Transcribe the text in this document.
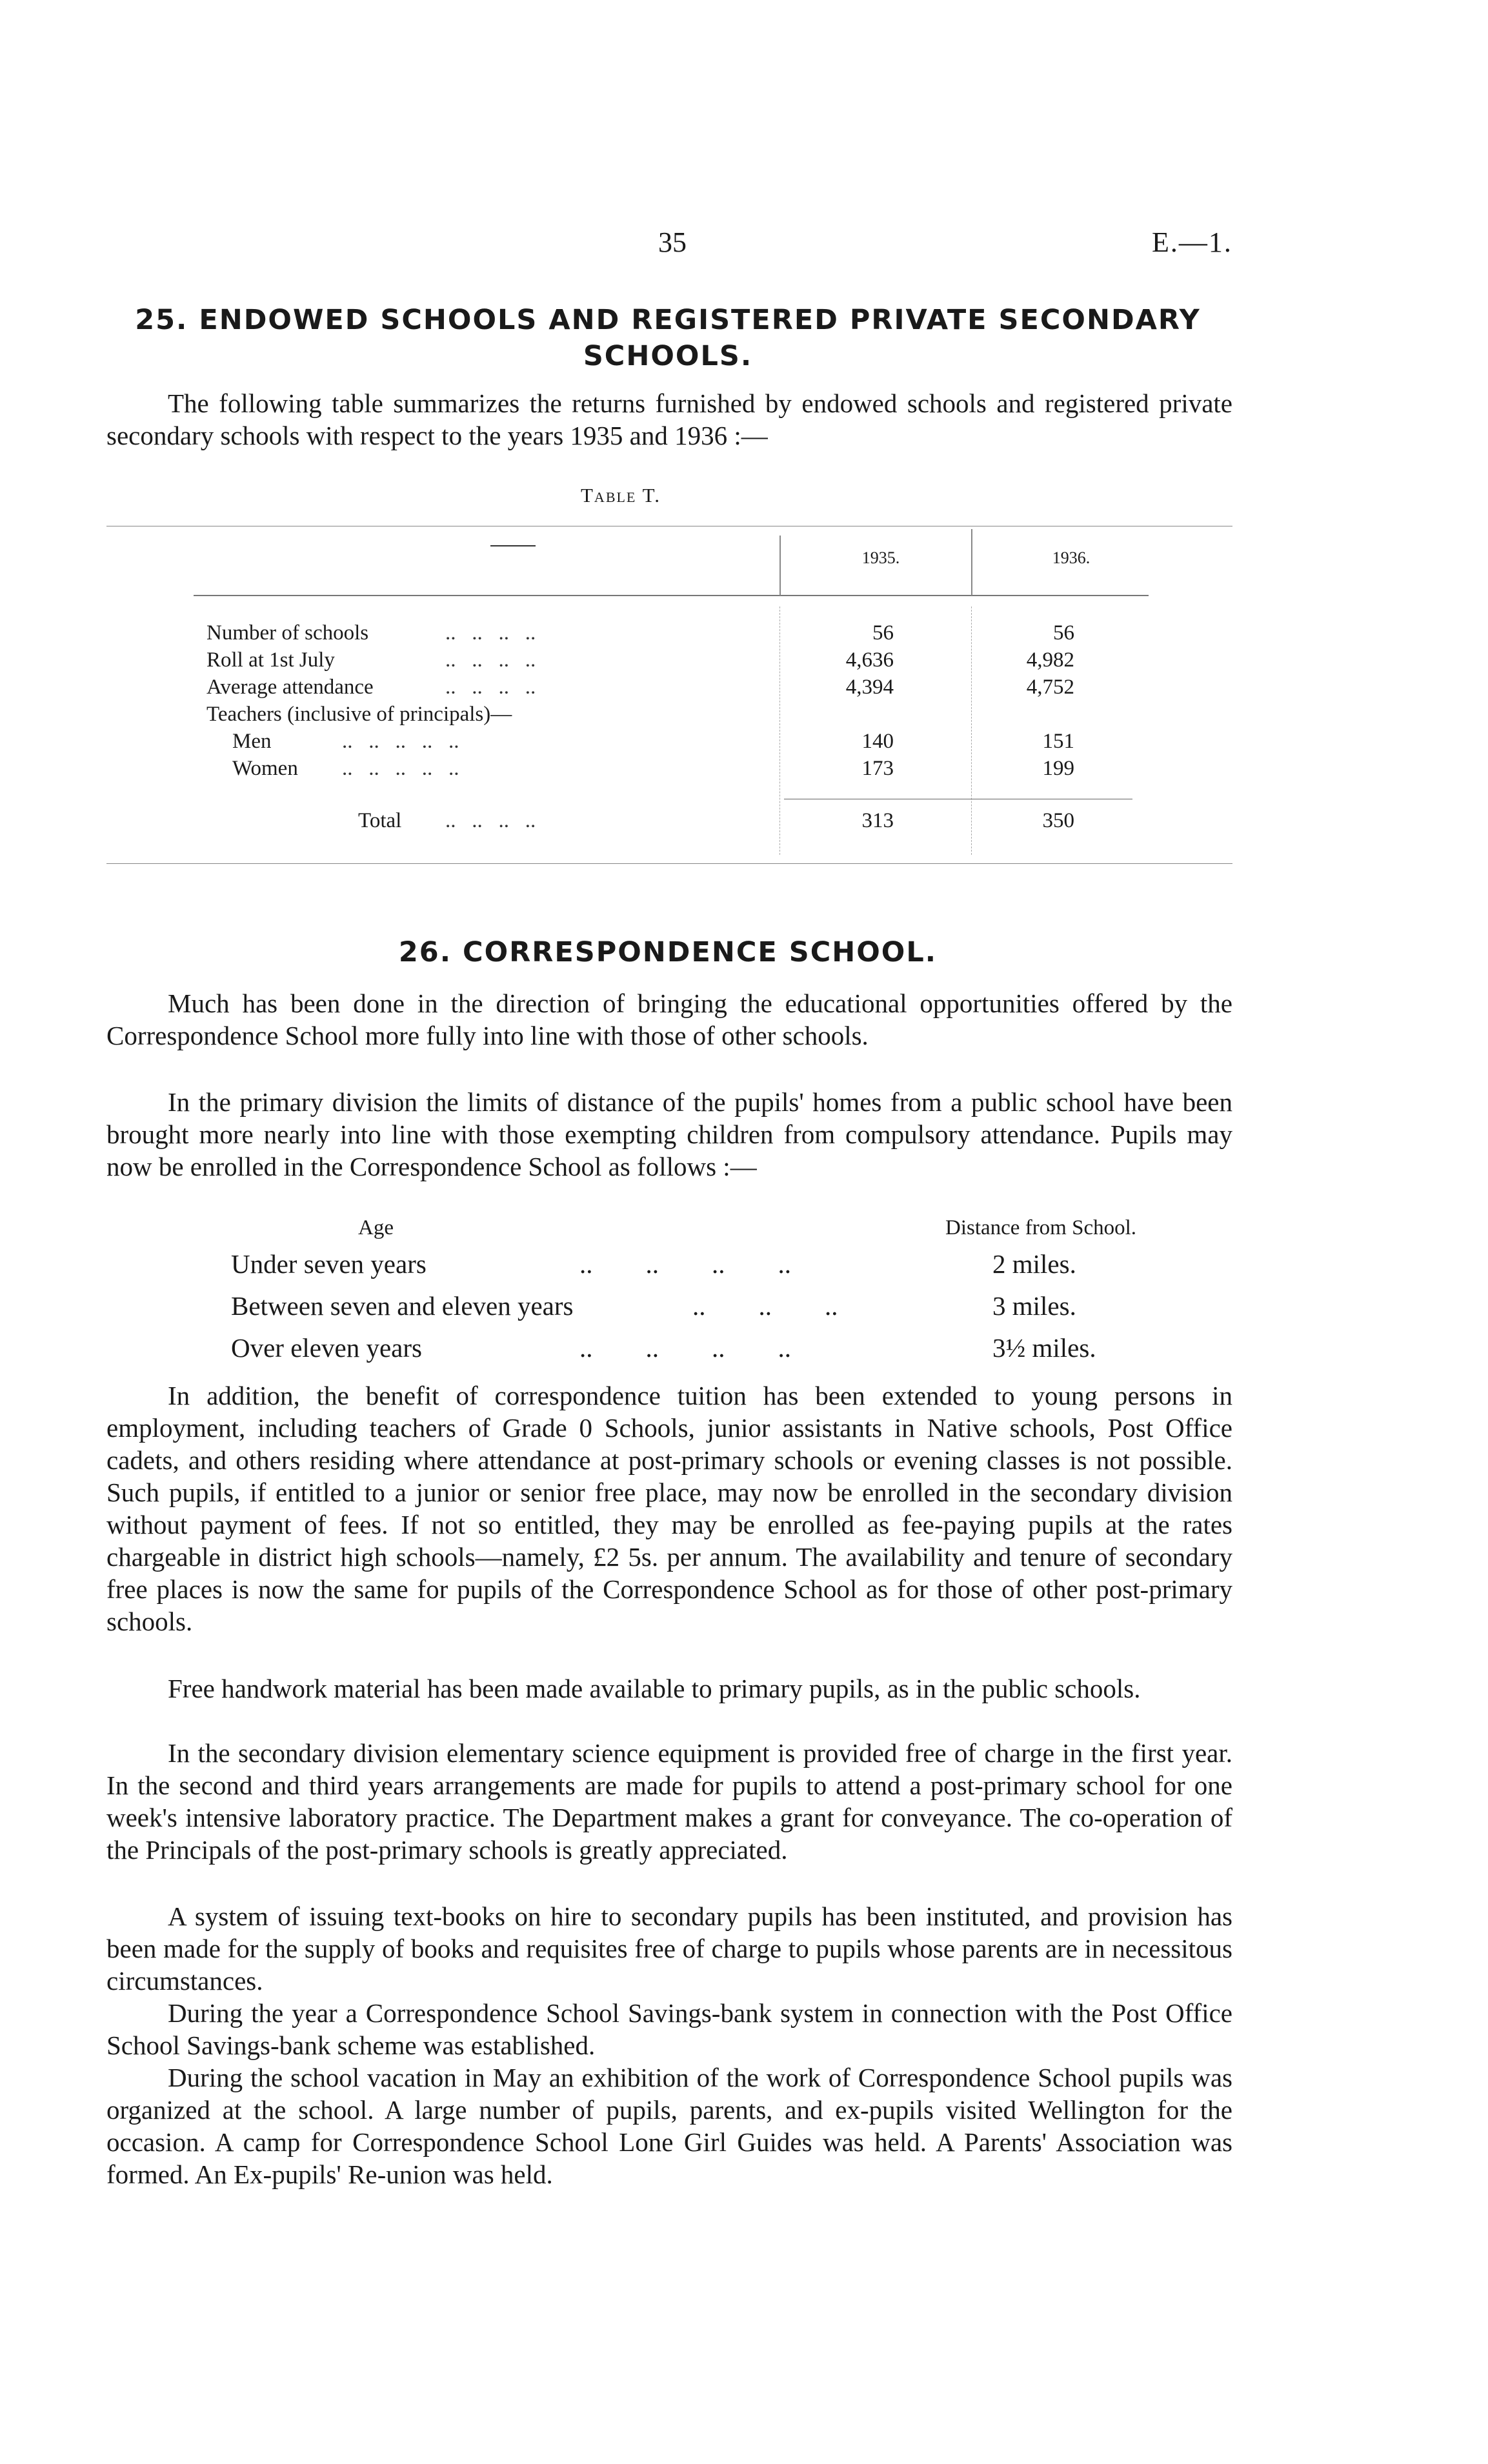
35	E.—1.
25. ENDOWED SCHOOLS AND REGISTERED PRIVATE SECONDARY
SCHOOLS.

The following table summarizes the returns furnished by endowed schools and registered private secondary schools with respect to the years 1935 and 1936 :—

Table T.
1935.	1936.
Number of schools	..   ..   ..   ..	56	56
Roll at 1st July	..   ..   ..   ..	4,636	4,982
Average attendance	..   ..   ..   ..	4,394	4,752
Teachers (inclusive of principals)—
Men	..   ..   ..   ..   ..	140	151
Women ..   ..   ..   ..   ..	173	199
Total ..   ..   ..   ..	313	350
26. CORRESPONDENCE SCHOOL.

Much has been done in the direction of bringing the educational opportunities offered by the Correspondence School more fully into line with those of other schools.

In the primary division the limits of distance of the pupils' homes from a public school have been brought more nearly into line with those exempting children from compulsory attendance. Pupils may now be enrolled in the Correspondence School as follows :—

Age	Distance from School.
Under seven years	..        ..        ..        ..	2 miles.
Between seven and eleven years	..        ..        ..	3 miles.
Over eleven years	..        ..        ..        ..	3½ miles.

In addition, the benefit of correspondence tuition has been extended to young persons in employment, including teachers of Grade 0 Schools, junior assistants in Native schools, Post Office cadets, and others residing where attendance at post-primary schools or evening classes is not possible. Such pupils, if entitled to a junior or senior free place, may now be enrolled in the secondary division without payment of fees. If not so entitled, they may be enrolled as fee-paying pupils at the rates chargeable in district high schools—namely, £2 5s. per annum. The availability and tenure of secondary free places is now the same for pupils of the Correspondence School as for those of other post-primary schools.

Free handwork material has been made available to primary pupils, as in the public schools.

In the secondary division elementary science equipment is provided free of charge in the first year. In the second and third years arrangements are made for pupils to attend a post-primary school for one week's intensive laboratory practice. The Department makes a grant for conveyance. The co-operation of the Principals of the post-primary schools is greatly appreciated.

A system of issuing text-books on hire to secondary pupils has been instituted, and provision has been made for the supply of books and requisites free of charge to pupils whose parents are in necessitous circumstances.

During the year a Correspondence School Savings-bank system in connection with the Post Office School Savings-bank scheme was established.

During the school vacation in May an exhibition of the work of Correspondence School pupils was organized at the school. A large number of pupils, parents, and ex-pupils visited Wellington for the occasion. A camp for Correspondence School Lone Girl Guides was held. A Parents' Association was formed. An Ex-pupils' Re-union was held.
